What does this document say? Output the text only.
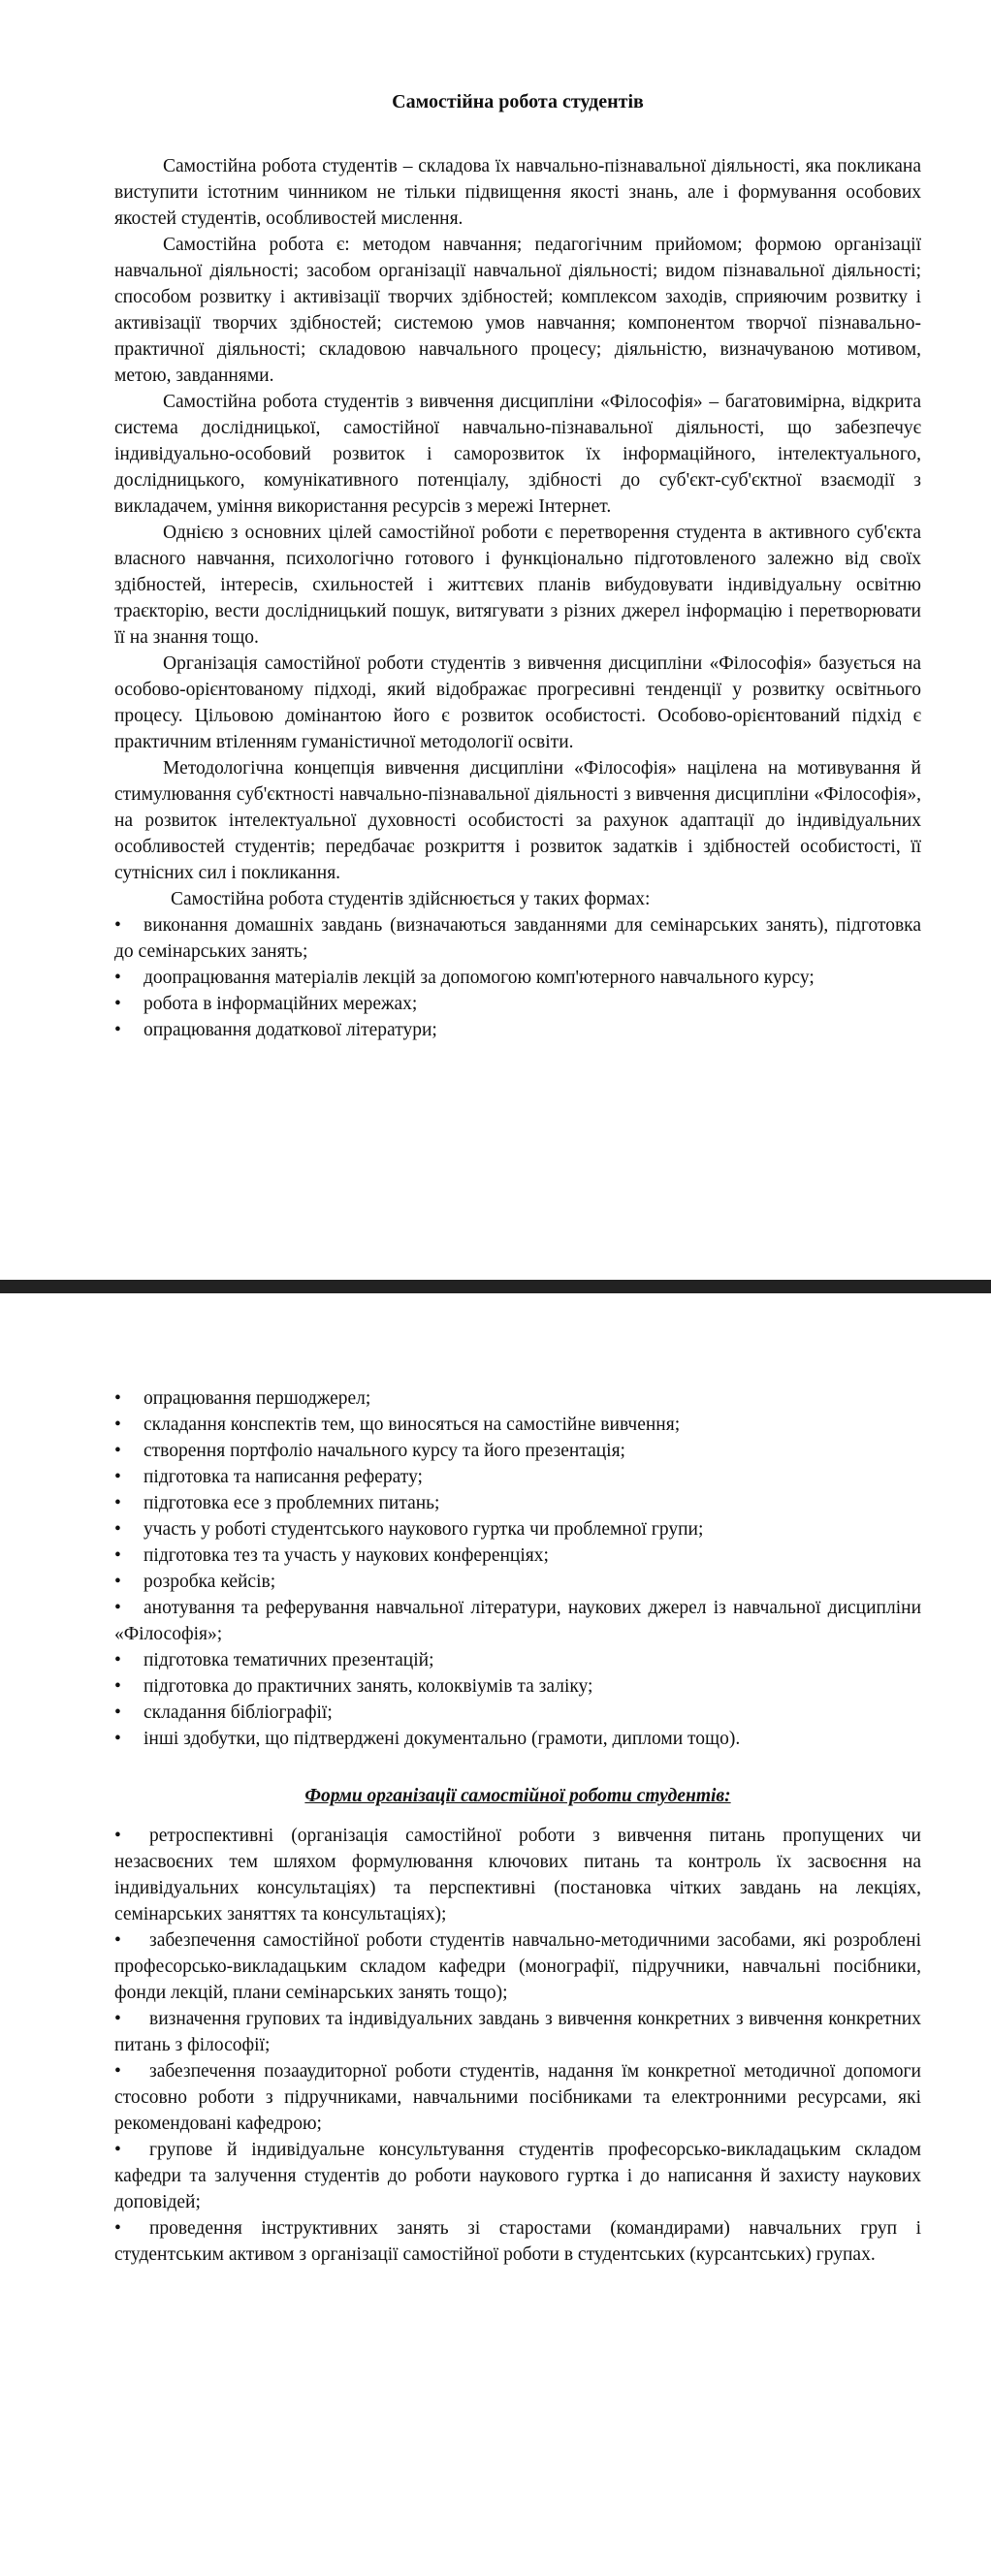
Самостійна робота студентів

Самостійна робота студентів – складова їх навчально-пізнавальної діяльності, яка покликана виступити істотним чинником не тільки підвищення якості знань, але і формування особових якостей студентів, особливостей мислення.

Самостійна робота є: методом навчання; педагогічним прийомом; формою організації навчальної діяльності; засобом організації навчальної діяльності; видом пізнавальної діяльності; способом розвитку і активізації творчих здібностей; комплексом заходів, сприяючим розвитку і активізації творчих здібностей; системою умов навчання; компонентом творчої пізнавально-практичної діяльності; складовою навчального процесу; діяльністю, визначуваною мотивом, метою, завданнями.

Самостійна робота студентів з вивчення дисципліни «Філософія» – багатовимірна, відкрита система дослідницької, самостійної навчально-пізнавальної діяльності, що забезпечує індивідуально-особовий розвиток і саморозвиток їх інформаційного, інтелектуального, дослідницького, комунікативного потенціалу, здібності до суб'єкт-суб'єктної взаємодії з викладачем, уміння використання ресурсів з мережі Інтернет.

Однією з основних цілей самостійної роботи є перетворення студента в активного суб'єкта власного навчання, психологічно готового і функціонально підготовленого залежно від своїх здібностей, інтересів, схильностей і життєвих планів вибудовувати індивідуальну освітню траєкторію, вести дослідницький пошук, витягувати з різних джерел інформацію і перетворювати її на знання тощо.

Організація самостійної роботи студентів з вивчення дисципліни «Філософія» базується на особово-орієнтованому підході, який відображає прогресивні тенденції у розвитку освітнього процесу. Цільовою домінантою його є розвиток особистості. Особово-орієнтований підхід є практичним втіленням гуманістичної методології освіти.

Методологічна концепція вивчення дисципліни «Філософія» націлена на мотивування й стимулювання суб'єктності навчально-пізнавальної діяльності з вивчення дисципліни «Філософія», на розвиток інтелектуальної духовності особистості за рахунок адаптації до індивідуальних особливостей студентів; передбачає розкриття і розвиток задатків і здібностей особистості, її сутнісних сил і покликання.

Самостійна робота студентів здійснюється у таких формах:

•	виконання домашніх завдань (визначаються завданнями для семінарських занять), підготовка до семінарських занять;
•	доопрацювання матеріалів лекцій за допомогою комп'ютерного навчального курсу;
•	робота в інформаційних мережах;
•	опрацювання додаткової літератури;
•	опрацювання першоджерел;
•	складання конспектів тем, що виносяться на самостійне вивчення;
•	створення портфоліо начального курсу та його презентація;
•	підготовка та написання реферату;
•	підготовка есе з проблемних питань;
•	участь у роботі студентського наукового гуртка чи проблемної групи;
•	підготовка тез та участь у наукових конференціях;
•	розробка кейсів;
•	анотування та реферування навчальної літератури, наукових джерел із навчальної дисципліни «Філософія»;
•	підготовка тематичних презентацій;
•	підготовка до практичних занять, колоквіумів та заліку;
•	складання бібліографії;
•	інші здобутки, що підтверджені документально (грамоти, дипломи тощо).
Форми організації самостійної роботи студентів:
• ретроспективні (організація самостійної роботи з вивчення питань пропущених чи незасвоєних тем шляхом формулювання ключових питань та контроль їх засвоєння на індивідуальних консультаціях) та перспективні (постановка чітких завдань на лекціях, семінарських заняттях та консультаціях);
• забезпечення самостійної роботи студентів навчально-методичними засобами, які розроблені професорсько-викладацьким складом кафедри (монографії, підручники, навчальні посібники, фонди лекцій, плани семінарських занять тощо);
• визначення групових та індивідуальних завдань з вивчення конкретних з вивчення конкретних питань з філософії;
• забезпечення позааудиторної роботи студентів, надання їм конкретної методичної допомоги стосовно роботи з підручниками, навчальними посібниками та електронними ресурсами, які рекомендовані кафедрою;
• групове й індивідуальне консультування студентів професорсько-викладацьким складом кафедри та залучення студентів до роботи наукового гуртка і до написання й захисту наукових доповідей;
• проведення інструктивних занять зі старостами (командирами) навчальних груп і студентським активом з організації самостійної роботи в студентських (курсантських) групах.
